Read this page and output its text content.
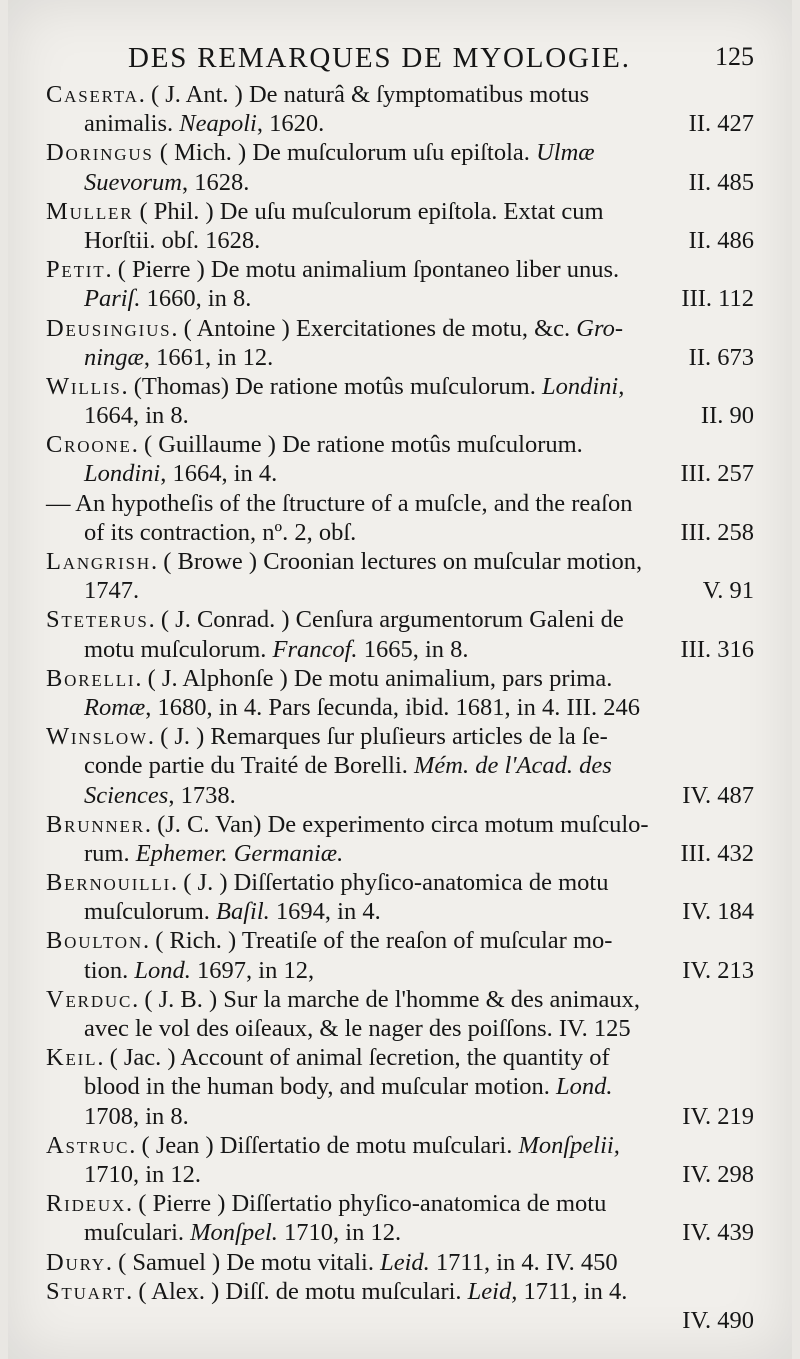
DES REMARQUES DE MYOLOGIE.	125
Caserta. ( J. Ant. ) De naturâ & ſymptomatibus motus
animalis. Neapoli, 1620.	II. 427
Doringus ( Mich. ) De muſculorum uſu epiſtola. Ulmæ
Suevorum, 1628.	II. 485
Muller ( Phil. ) De uſu muſculorum epiſtola. Extat cum
Horſtii. obſ. 1628.	II. 486
Petit. ( Pierre ) De motu animalium ſpontaneo liber unus.
Pariſ. 1660, in 8.	III. 112
Deusingius. ( Antoine ) Exercitationes de motu, &c. Gro-
ningæ, 1661, in 12.	II. 673
Willis. (Thomas) De ratione motûs muſculorum. Londini,
1664, in 8.	II. 90
Croone. ( Guillaume ) De ratione motûs muſculorum.
Londini, 1664, in 4.	III. 257
— An hypotheſis of the ſtructure of a muſcle, and the reaſon
of its contraction, nº. 2, obſ.	III. 258
Langrish. ( Browe ) Croonian lectures on muſcular motion,
1747.	V. 91
Steterus. ( J. Conrad. ) Cenſura argumentorum Galeni de
motu muſculorum. Francof. 1665, in 8.	III. 316
Borelli. ( J. Alphonſe ) De motu animalium, pars prima.
Romæ, 1680, in 4. Pars ſecunda, ibid. 1681, in 4. III. 246
Winslow. ( J. ) Remarques ſur pluſieurs articles de la ſe-
conde partie du Traité de Borelli. Mém. de l'Acad. des
Sciences, 1738.	IV. 487
Brunner. (J. C. Van) De experimento circa motum muſculo-
rum. Ephemer. Germaniæ.	III. 432
Bernouilli. ( J. ) Diſſertatio phyſico-anatomica de motu
muſculorum. Baſil. 1694, in 4.	IV. 184
Boulton. ( Rich. ) Treatiſe of the reaſon of muſcular mo-
tion. Lond. 1697, in 12,	IV. 213
Verduc. ( J. B. ) Sur la marche de l'homme & des animaux,
avec le vol des oiſeaux, & le nager des poiſſons. IV. 125
Keil. ( Jac. ) Account of animal ſecretion, the quantity of
blood in the human body, and muſcular motion. Lond.
1708, in 8.	IV. 219
Astruc. ( Jean ) Diſſertatio de motu muſculari. Monſpelii,
1710, in 12.	IV. 298
Rideux. ( Pierre ) Diſſertatio phyſico-anatomica de motu
muſculari. Monſpel. 1710, in 12.	IV. 439
Dury. ( Samuel ) De motu vitali. Leid. 1711, in 4. IV. 450
Stuart. ( Alex. ) Diſſ. de motu muſculari. Leid, 1711, in 4.
IV. 490
